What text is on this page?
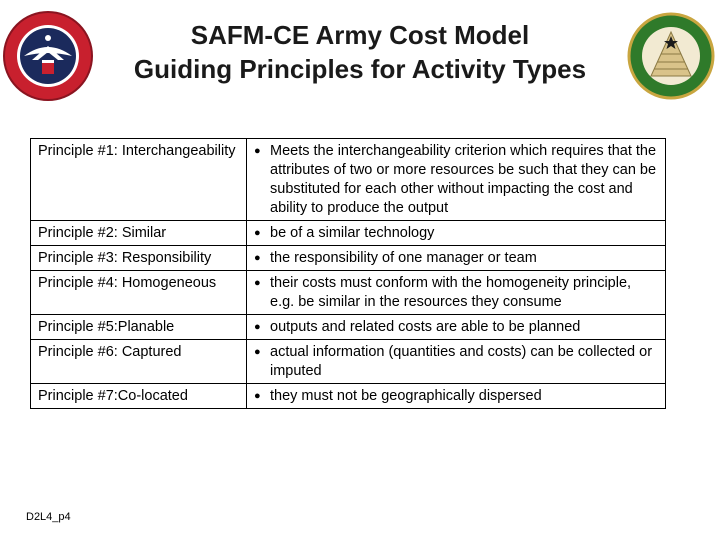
SAFM-CE Army Cost Model
Guiding Principles for Activity Types
Principle #1: Interchangeability	● Meets the interchangeability criterion which requires that the attributes of two or more resources be such that they can be substituted for each other without impacting the cost and ability to produce the output

Principle #2: Similar	● be of a similar technology

Principle #3: Responsibility	● the responsibility of one manager or team

Principle #4: Homogeneous	● their costs must conform with the homogeneity principle, e.g. be similar in the resources they consume

Principle #5:Planable	● outputs and related costs are able to be planned

Principle #6: Captured	● actual information (quantities and costs) can be collected or imputed

Principle #7:Co-located	● they must not be geographically dispersed
D2L4_p4
